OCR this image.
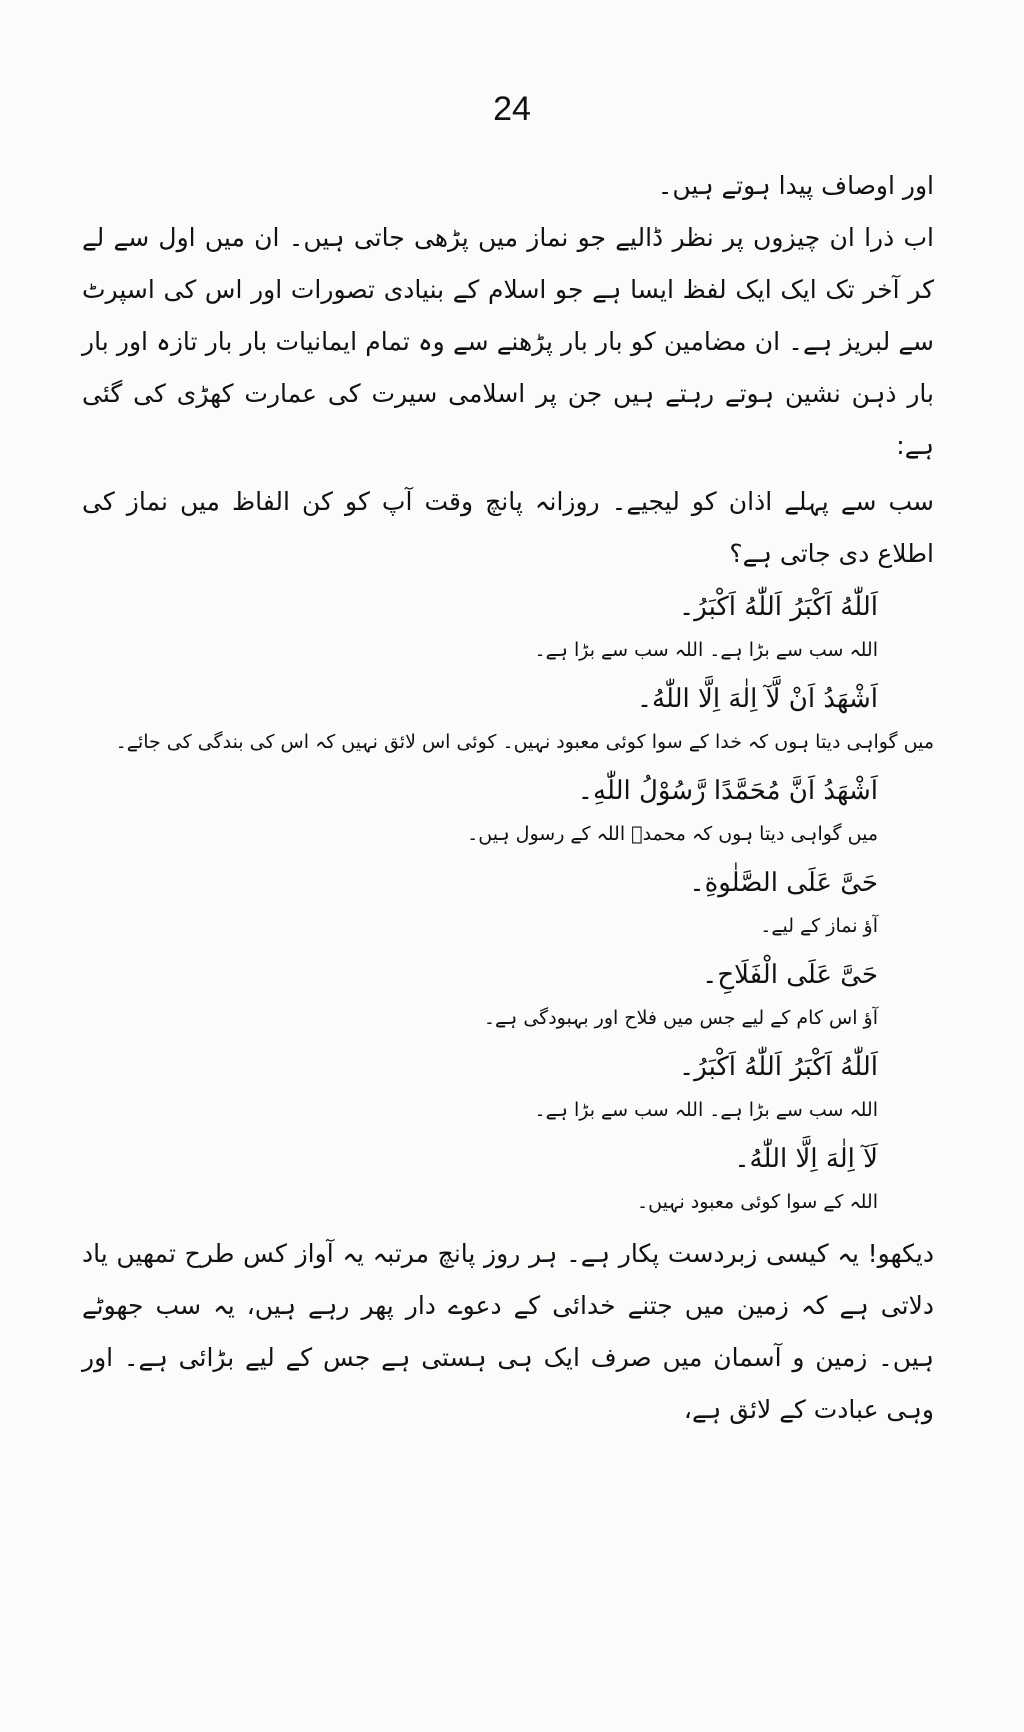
24

اور اوصاف پیدا ہوتے ہیں۔

اب ذرا ان چیزوں پر نظر ڈالیے جو نماز میں پڑھی جاتی ہیں۔ ان میں اول سے لے کر آخر تک ایک ایک لفظ ایسا ہے جو اسلام کے بنیادی تصورات اور اس کی اسپرٹ سے لبریز ہے۔ ان مضامین کو بار بار پڑھنے سے وہ تمام ایمانیات بار بار تازہ اور بار بار ذہن نشین ہوتے رہتے ہیں جن پر اسلامی سیرت کی عمارت کھڑی کی گئی ہے:

سب سے پہلے اذان کو لیجیے۔ روزانہ پانچ وقت آپ کو کن الفاظ میں نماز کی اطلاع دی جاتی ہے؟

اَللّٰهُ اَكْبَرُ اَللّٰهُ اَكْبَرُ۔

اللہ سب سے بڑا ہے۔ اللہ سب سے بڑا ہے۔

اَشْهَدُ اَنْ لَّآ اِلٰهَ اِلَّا اللّٰهُ۔

میں گواہی دیتا ہوں کہ خدا کے سوا کوئی معبود نہیں۔ کوئی اس لائق نہیں کہ اس کی بندگی کی جائے۔

اَشْهَدُ اَنَّ مُحَمَّدًا رَّسُوْلُ اللّٰهِ۔

میں گواہی دیتا ہوں کہ محمدؐ اللہ کے رسول ہیں۔

حَیَّ عَلَی الصَّلٰوةِ۔

آؤ نماز کے لیے۔

حَیَّ عَلَی الْفَلَاحِ۔

آؤ اس کام کے لیے جس میں فلاح اور بہبودگی ہے۔

اَللّٰهُ اَكْبَرُ اَللّٰهُ اَكْبَرُ۔

اللہ سب سے بڑا ہے۔ اللہ سب سے بڑا ہے۔

لَآ اِلٰهَ اِلَّا اللّٰهُ۔

اللہ کے سوا کوئی معبود نہیں۔

دیکھو! یہ کیسی زبردست پکار ہے۔ ہر روز پانچ مرتبہ یہ آواز کس طرح تمھیں یاد دلاتی ہے کہ زمین میں جتنے خدائی کے دعوے دار پھر رہے ہیں، یہ سب جھوٹے ہیں۔ زمین و آسمان میں صرف ایک ہی ہستی ہے جس کے لیے بڑائی ہے۔ اور وہی عبادت کے لائق ہے،
